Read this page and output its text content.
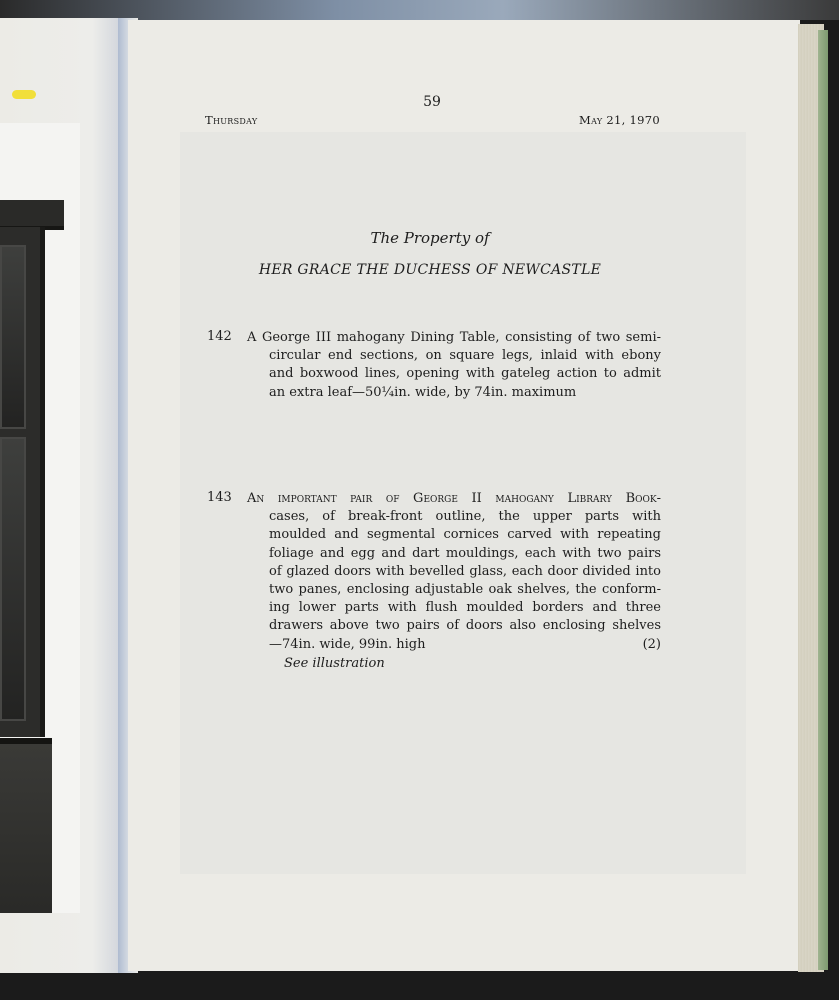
59

Thursday	May 21, 1970

The Property of

HER GRACE THE DUCHESS OF NEWCASTLE

142 A George III mahogany Dining Table, consisting of two semi-
circular end sections, on square legs, inlaid with ebony
and boxwood lines, opening with gateleg action to admit
an extra leaf—50¼in. wide, by 74in. maximum

143 An important pair of George II mahogany Library Book-
cases, of break-front outline, the upper parts with
moulded and segmental cornices carved with repeating
foliage and egg and dart mouldings, each with two pairs
of glazed doors with bevelled glass, each door divided into
two panes, enclosing adjustable oak shelves, the conform-
ing lower parts with flush moulded borders and three
drawers above two pairs of doors also enclosing shelves
—74in. wide, 99in. high	(2)

See illustration
